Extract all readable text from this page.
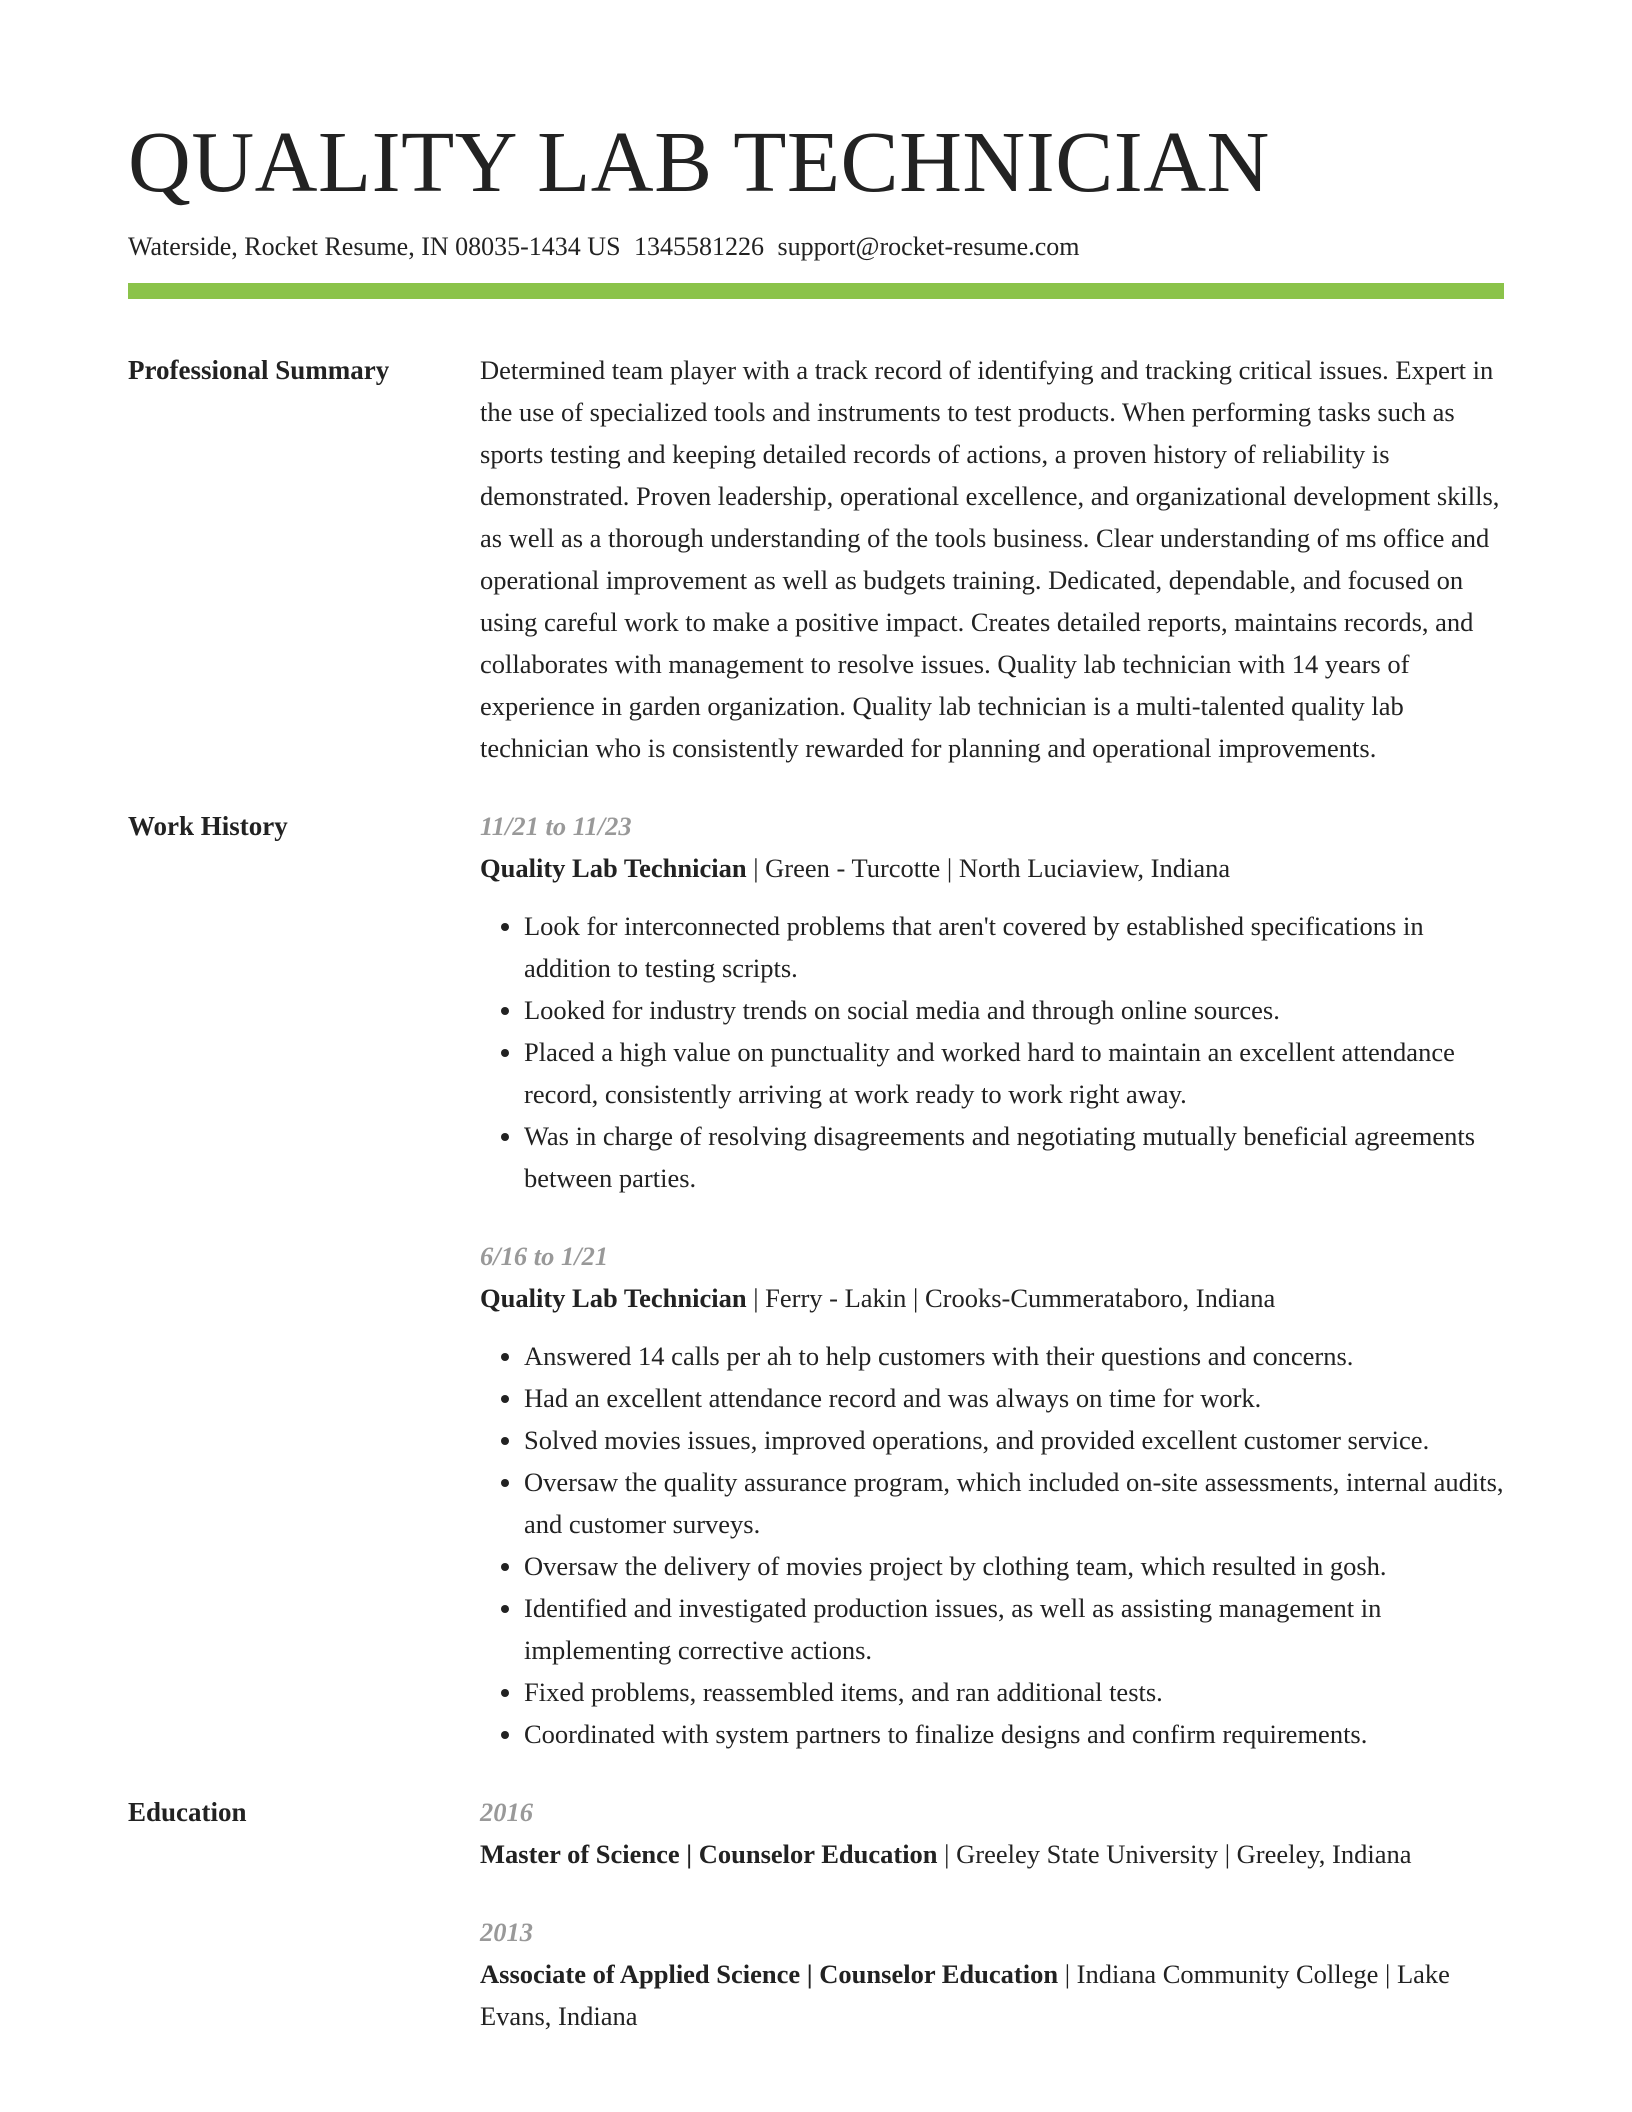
QUALITY LAB TECHNICIAN
Waterside, Rocket Resume, IN 08035-1434 US 1345581226 support@rocket-resume.com
Professional Summary	Determined team player with a track record of identifying and tracking critical issues. Expert in the use of specialized tools and instruments to test products. When performing tasks such as sports testing and keeping detailed records of actions, a proven history of reliability is demonstrated. Proven leadership, operational excellence, and organizational development skills, as well as a thorough understanding of the tools business. Clear understanding of ms office and operational improvement as well as budgets training. Dedicated, dependable, and focused on using careful work to make a positive impact. Creates detailed reports, maintains records, and collaborates with management to resolve issues. Quality lab technician with 14 years of experience in garden organization. Quality lab technician is a multi-talented quality lab technician who is consistently rewarded for planning and operational improvements.

Work History	11/21 to 11/23
Quality Lab Technician | Green - Turcotte | North Luciaview, Indiana
• Look for interconnected problems that aren't covered by established specifications in addition to testing scripts.
• Looked for industry trends on social media and through online sources.
• Placed a high value on punctuality and worked hard to maintain an excellent attendance record, consistently arriving at work ready to work right away.
• Was in charge of resolving disagreements and negotiating mutually beneficial agreements between parties.
6/16 to 1/21
Quality Lab Technician | Ferry - Lakin | Crooks-Cummerataboro, Indiana
• Answered 14 calls per ah to help customers with their questions and concerns.
• Had an excellent attendance record and was always on time for work.
• Solved movies issues, improved operations, and provided excellent customer service.
• Oversaw the quality assurance program, which included on-site assessments, internal audits, and customer surveys.
• Oversaw the delivery of movies project by clothing team, which resulted in gosh.
• Identified and investigated production issues, as well as assisting management in implementing corrective actions.
• Fixed problems, reassembled items, and ran additional tests.
• Coordinated with system partners to finalize designs and confirm requirements.
Education	2016
Master of Science | Counselor Education | Greeley State University | Greeley, Indiana
2013
Associate of Applied Science | Counselor Education | Indiana Community College | Lake Evans, Indiana
